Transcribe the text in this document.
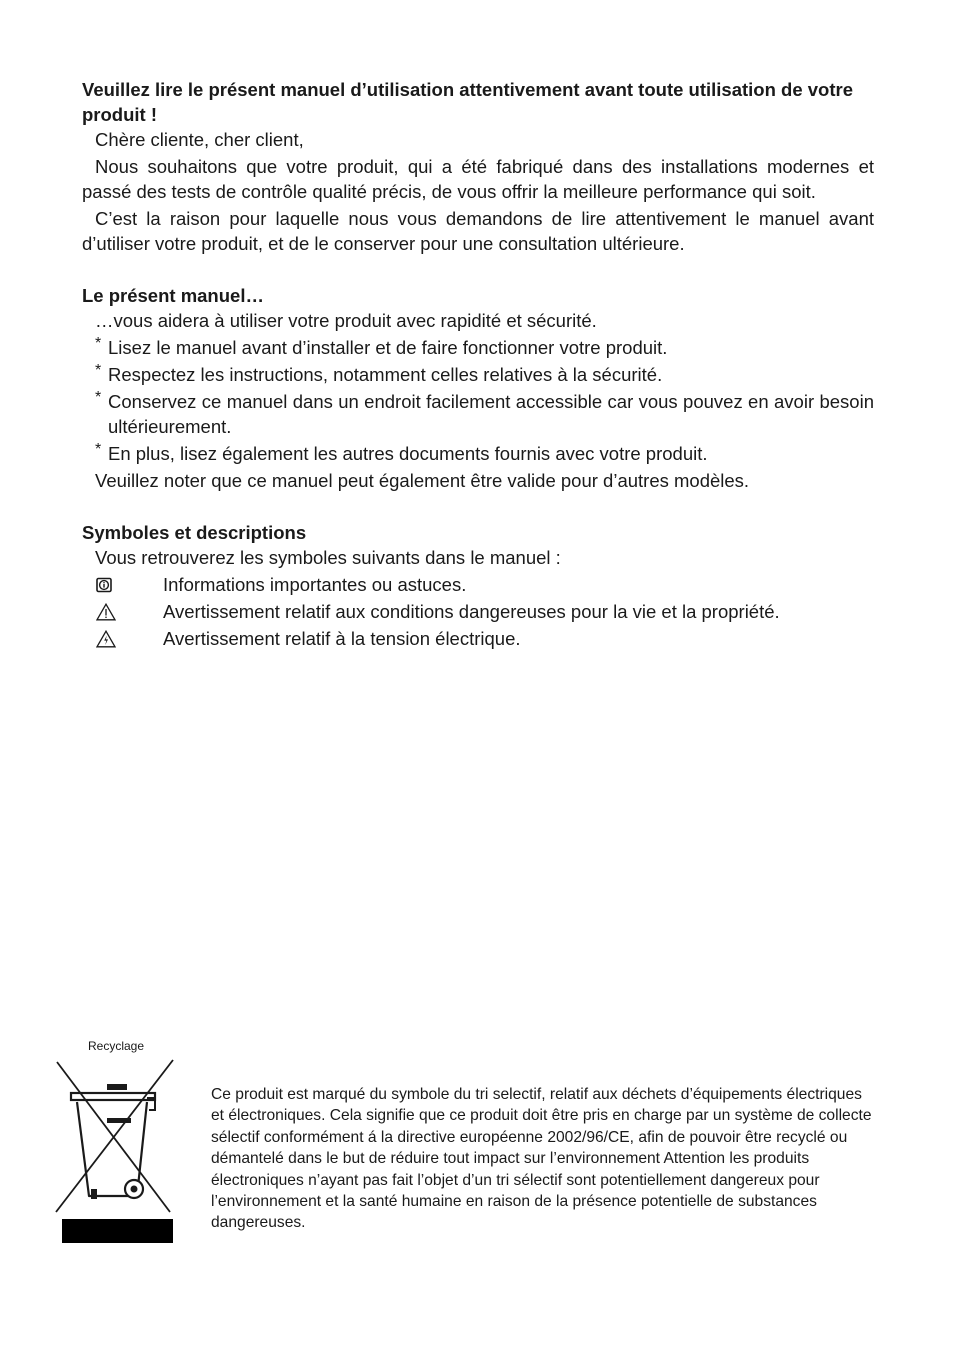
Veuillez lire le présent manuel d’utilisation attentivement avant toute utilisation de votre produit !

Chère cliente, cher client,

Nous souhaitons que votre produit, qui a été fabriqué dans des installations modernes et passé des tests de contrôle qualité précis, de vous offrir la meilleure performance qui soit.

C’est la raison pour laquelle nous vous demandons de lire attentivement le manuel avant d’utiliser votre produit, et de le conserver pour une consultation ultérieure.

Le présent manuel…

…vous aidera à utiliser votre produit avec rapidité et sécurité.

* Lisez le manuel avant d’installer et de faire fonctionner votre produit.

* Respectez les instructions, notamment celles relatives à la sécurité.

* Conservez ce manuel dans un endroit facilement accessible car vous pouvez en avoir besoin ultérieurement.

* En plus, lisez également les autres documents fournis avec votre produit.

Veuillez noter que ce manuel peut également être valide pour d’autres modèles.

Symboles et descriptions

Vous retrouverez les symboles suivants dans le manuel :

Informations importantes ou astuces.
Avertissement relatif aux conditions dangereuses pour la vie et la propriété.
Avertissement relatif à la tension électrique.
Recyclage

Ce produit est marqué du symbole du tri selectif, relatif aux déchets d’équipements électriques et électroniques. Cela signifie que ce produit doit être pris en charge par un système de collecte sélectif conformément á la directive européenne 2002/96/CE, afin de pouvoir être recyclé ou démantelé dans le but de réduire tout impact sur l’environnement Attention les produits électroniques n’ayant pas fait l’objet d’un tri sélectif sont potentiellement dangereux pour l’environnement et la santé humaine en raison de la présence potentielle de substances dangereuses.
